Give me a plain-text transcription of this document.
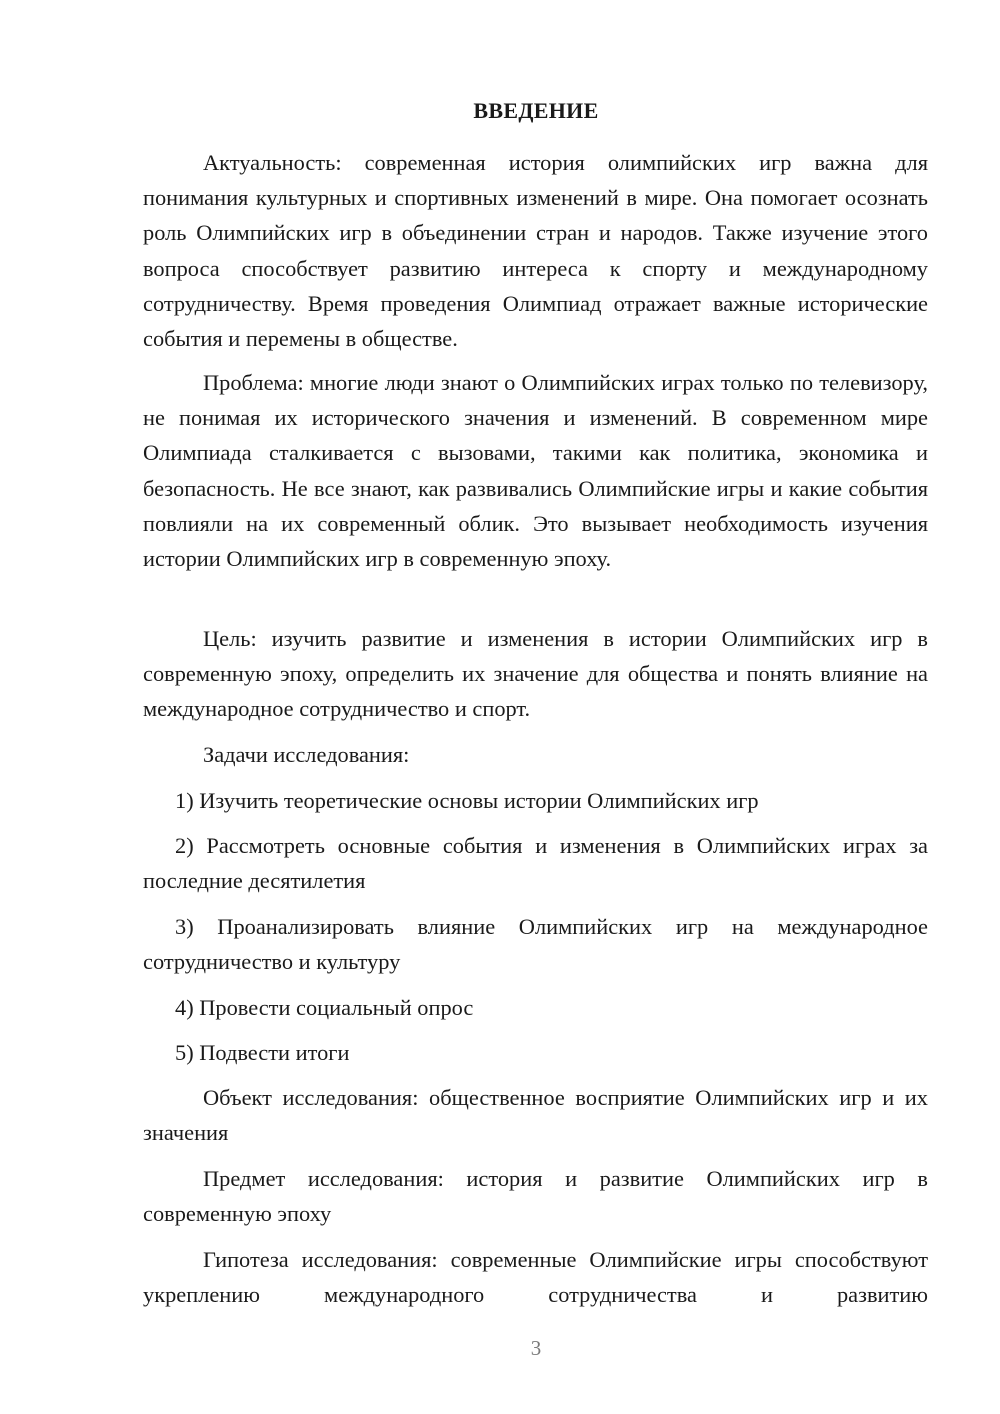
ВВЕДЕНИЕ

Актуальность: современная история олимпийских игр важна для понимания культурных и спортивных изменений в мире. Она помогает осознать роль Олимпийских игр в объединении стран и народов. Также изучение этого вопроса способствует развитию интереса к спорту и международному сотрудничеству. Время проведения Олимпиад отражает важные исторические события и перемены в обществе.

Проблема: многие люди знают о Олимпийских играх только по телевизору, не понимая их исторического значения и изменений. В современном мире Олимпиада сталкивается с вызовами, такими как политика, экономика и безопасность. Не все знают, как развивались Олимпийские игры и какие события повлияли на их современный облик. Это вызывает необходимость изучения истории Олимпийских игр в современную эпоху.

Цель: изучить развитие и изменения в истории Олимпийских игр в современную эпоху, определить их значение для общества и понять влияние на международное сотрудничество и спорт.

Задачи исследования:

1) Изучить теоретические основы истории Олимпийских игр

2) Рассмотреть основные события и изменения в Олимпийских играх за последние десятилетия

3) Проанализировать влияние Олимпийских игр на международное сотрудничество и культуру

4) Провести социальный опрос

5) Подвести итоги

Объект исследования: общественное восприятие Олимпийских игр и их значения

Предмет исследования: история и развитие Олимпийских игр в современную эпоху

Гипотеза исследования: современные Олимпийские игры способствуют укреплению международного сотрудничества и развитию

3
